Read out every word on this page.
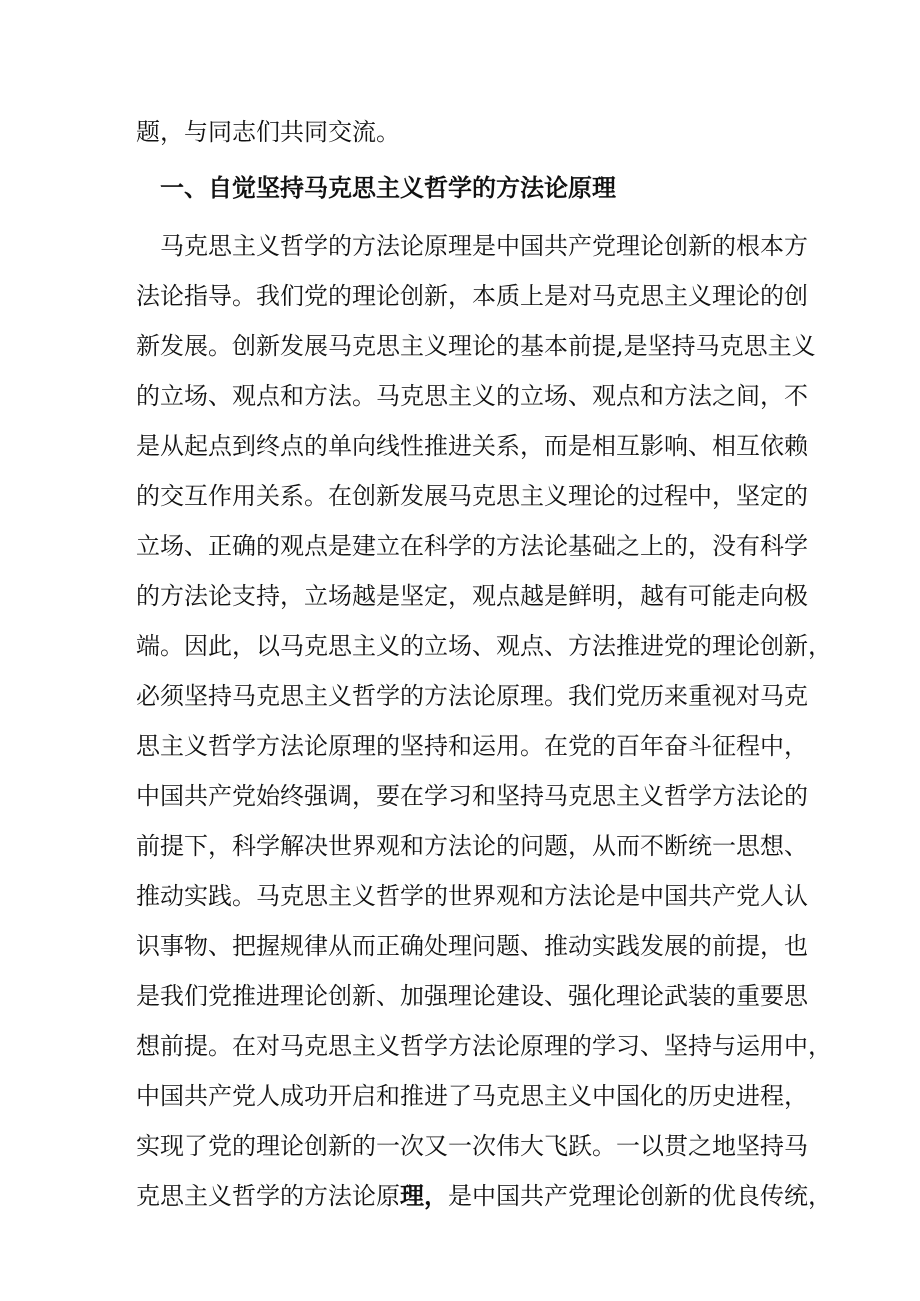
题，与同志们共同交流。
一、自觉坚持马克思主义哲学的方法论原理
马克思主义哲学的方法论原理是中国共产党理论创新的根本方
法论指导。我们党的理论创新，本质上是对马克思主义理论的创
新发展。创新发展马克思主义理论的基本前提,是坚持马克思主义
的立场、观点和方法。马克思主义的立场、观点和方法之间，不
是从起点到终点的单向线性推进关系，而是相互影响、相互依赖
的交互作用关系。在创新发展马克思主义理论的过程中，坚定的
立场、正确的观点是建立在科学的方法论基础之上的，没有科学
的方法论支持，立场越是坚定，观点越是鲜明，越有可能走向极
端。因此，以马克思主义的立场、观点、方法推进党的理论创新，
必须坚持马克思主义哲学的方法论原理。我们党历来重视对马克
思主义哲学方法论原理的坚持和运用。在党的百年奋斗征程中，
中国共产党始终强调，要在学习和坚持马克思主义哲学方法论的
前提下，科学解决世界观和方法论的问题，从而不断统一思想、
推动实践。马克思主义哲学的世界观和方法论是中国共产党人认
识事物、把握规律从而正确处理问题、推动实践发展的前提，也
是我们党推进理论创新、加强理论建设、强化理论武装的重要思
想前提。在对马克思主义哲学方法论原理的学习、坚持与运用中，
中国共产党人成功开启和推进了马克思主义中国化的历史进程，
实现了党的理论创新的一次又一次伟大飞跃。一以贯之地坚持马
克思主义哲学的方法论原理，是中国共产党理论创新的优良传统，
